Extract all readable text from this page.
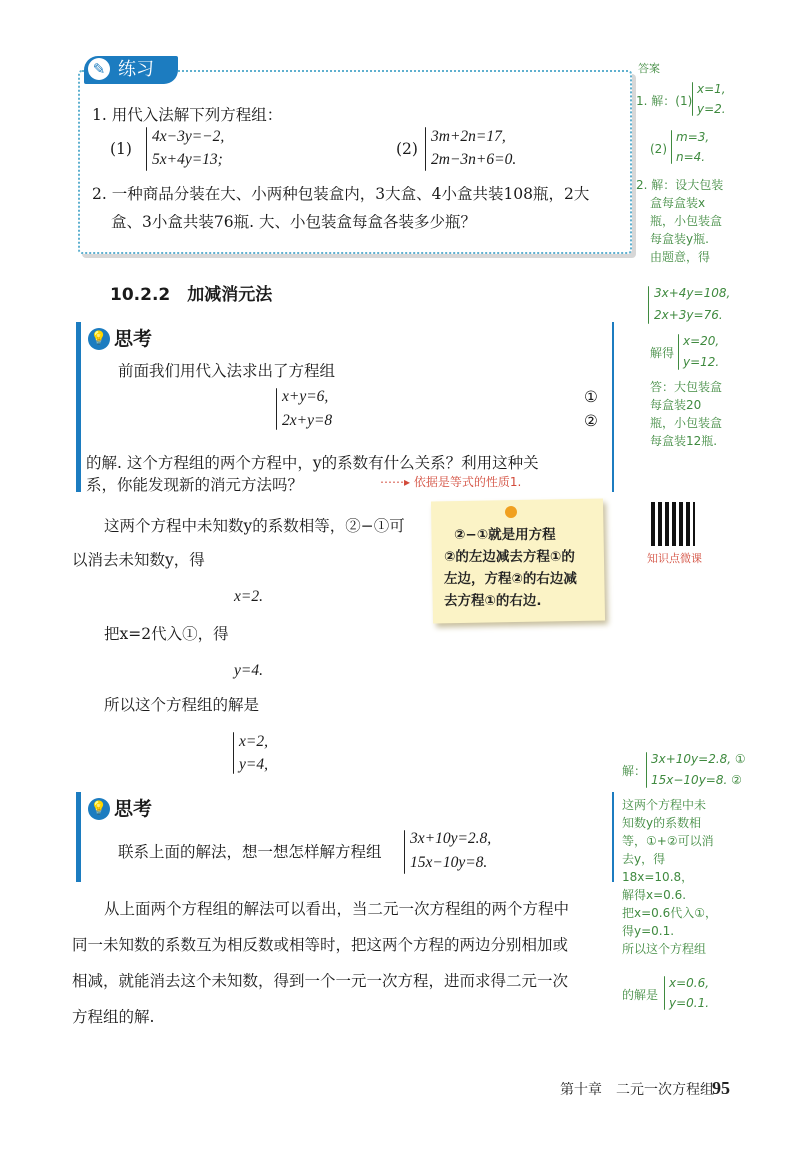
✎ 练习
1. 用代入法解下列方程组：
(1)
4x−3y=−2,
5x+4y=13;
(2)
3m+2n=17,
2m−3n+6=0.
2. 一种商品分装在大、小两种包装盒内，3大盒、4小盒共装108瓶，2大
盒、3小盒共装76瓶. 大、小包装盒每盒各装多少瓶？
10.2.2　加减消元法
💡 思考
前面我们用代入法求出了方程组
x+y=6,	①
2x+y=8	②
的解. 这个方程组的两个方程中，y的系数有什么关系？利用这种关
系，你能发现新的消元方法吗？	⋯⋯▸ 依据是等式的性质1.
这两个方程中未知数y的系数相等，②−①可
以消去未知数y，得
x=2.
把x=2代入①，得
y=4.
所以这个方程组的解是
x=2,
y=4,
②−①就是用方程
②的左边减去方程①的
左边，方程②的右边减
去方程①的右边.
💡 思考
联系上面的解法，想一想怎样解方程组
3x+10y=2.8,
15x−10y=8.
从上面两个方程组的解法可以看出，当二元一次方程组的两个方程中
同一未知数的系数互为相反数或相等时，把这两个方程的两边分别相加或
相减，就能消去这个未知数，得到一个一元一次方程，进而求得二元一次
方程组的解.
答案
1. 解：(1)
x=1,
y=2.
(2)
m=3,
n=4.
2. 解：设大包装
盒每盒装x
瓶，小包装盒
每盒装y瓶.
由题意，得
3x+4y=108,
2x+3y=76.
解得
x=20,
y=12.
答：大包装盒
每盒装20
瓶，小包装盒
每盒装12瓶.
知识点微课
解：
3x+10y=2.8, ①
15x−10y=8. ②
这两个方程中未
知数y的系数相
等，①+②可以消
去y，得18x=10.8，
解得x=0.6.
把x=0.6代入①，
得y=0.1.
所以这个方程组
的解是
x=0.6,
y=0.1.
第十章　二元一次方程组
95
